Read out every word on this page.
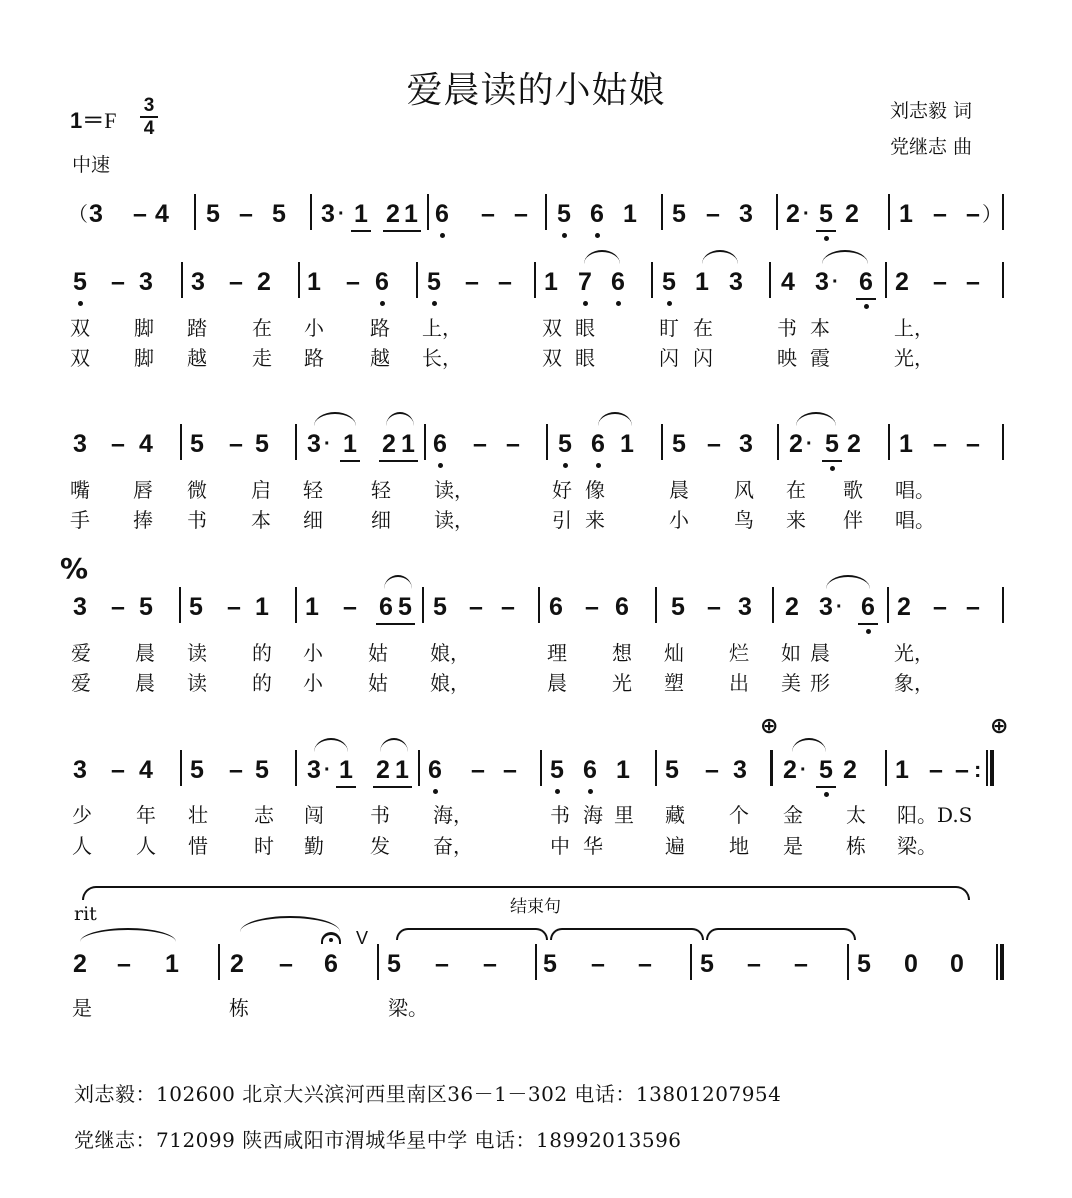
爱晨读的小姑娘
1＝F
3
4
中速
刘志毅 词
党继志 曲
（ 3 – 4 5 – 5 3 · 1 2 1 6 – – 5 6 1 5 – 3 2 · 5 2 1 – – ）
5 – 3 3 – 2 1 – 6 5 – – 1 7 6 5 1 3 4 3 · 6 2 – –
双	脚	踏	在	小	路	上，	双 眼	盯 在	书 本	上，
双	脚	越	走	路	越	长，	双 眼	闪 闪	映 霞	光，
3 – 4 5 – 5 3 · 1 2 1 6 – – 5 6 1 5 – 3 2 · 5 2 1 – –
嘴	唇	微	启	轻	轻	读，	好 像	晨	风	在	歌	唱。
手	捧	书	本	细	细	读，	引 来	小	鸟	来	伴	唱。
%
3 – 5 5 – 1 1 – 6 5 5 – – 6 – 6 5 – 3 2 3 · 6 2 – –
爱	晨	读	的	小	姑	娘，	理	想	灿	烂	如 晨	光，
爱	晨	读	的	小	姑	娘，	晨	光	塑	出	美 形	象，
⊕	⊕
3 – 4 5 – 5 3 · 1 2 1 6 – – 5 6 1 5 – 3 2 · 5 2 1 – – :
少	年	壮	志	闯	书	海，	书 海 里	藏	个	金	太	阳。D.S
人	人	惜	时	勤	发	奋，	中 华	遍	地	是	栋	梁。
rit	结束句
2 – 1 2 – 6
V
5 – – 5 – – 5 – – 5 0 0
是	栋	梁。
刘志毅：102600 北京大兴滨河西里南区36－1－302 电话：13801207954
党继志：712099 陕西咸阳市渭城华星中学 电话：18992013596
